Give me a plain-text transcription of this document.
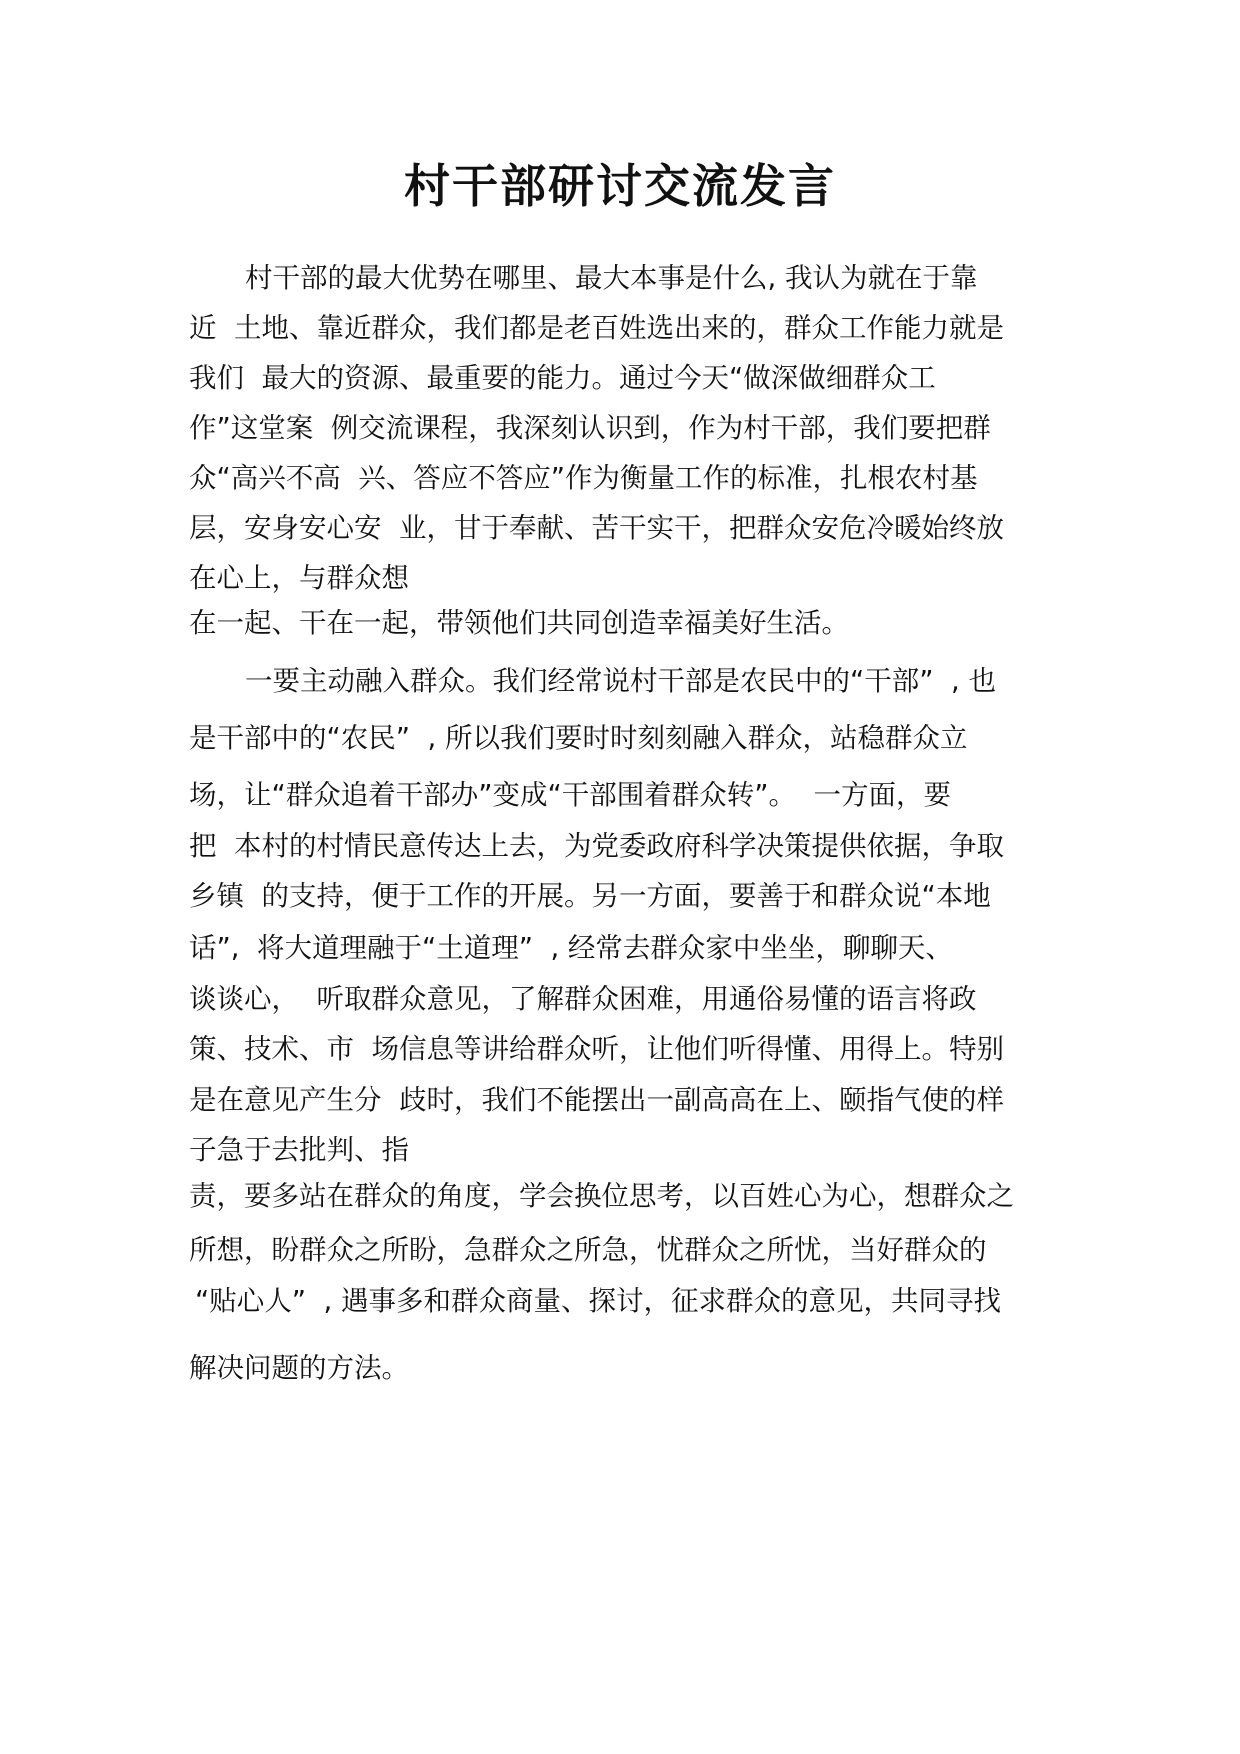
村干部研讨交流发言

村干部的最大优势在哪里、最大本事是什么, 我认为就在于靠

近  土地、靠近群众，我们都是老百姓选出来的，群众工作能力就是

我们  最大的资源、最重要的能力。通过今天“做深做细群众工

作”这堂案  例交流课程，我深刻认识到，作为村干部，我们要把群

众“高兴不高  兴、答应不答应”作为衡量工作的标准，扎根农村基

层，安身安心安  业，甘于奉献、苦干实干，把群众安危冷暖始终放

在心上，与群众想

在一起、干在一起，带领他们共同创造幸福美好生活。

一要主动融入群众。我们经常说村干部是农民中的“干部”  , 也

是干部中的“农民”  , 所以我们要时时刻刻融入群众，站稳群众立

场，让“群众追着干部办”变成“干部围着群众转”。  一方面，要

把  本村的村情民意传达上去，为党委政府科学决策提供依据，争取

乡镇  的支持，便于工作的开展。另一方面，要善于和群众说“本地

话”,  将大道理融于“土道理”  , 经常去群众家中坐坐，聊聊天、

谈谈心，  听取群众意见，了解群众困难，用通俗易懂的语言将政

策、技术、市  场信息等讲给群众听，让他们听得懂、用得上。特别

是在意见产生分  歧时，我们不能摆出一副高高在上、颐指气使的样

子急于去批判、指

责，要多站在群众的角度，学会换位思考，以百姓心为心，想群众之

所想，盼群众之所盼，急群众之所急，忧群众之所忧，当好群众的

“贴心人”  , 遇事多和群众商量、探讨，征求群众的意见，共同寻找

解决问题的方法。
